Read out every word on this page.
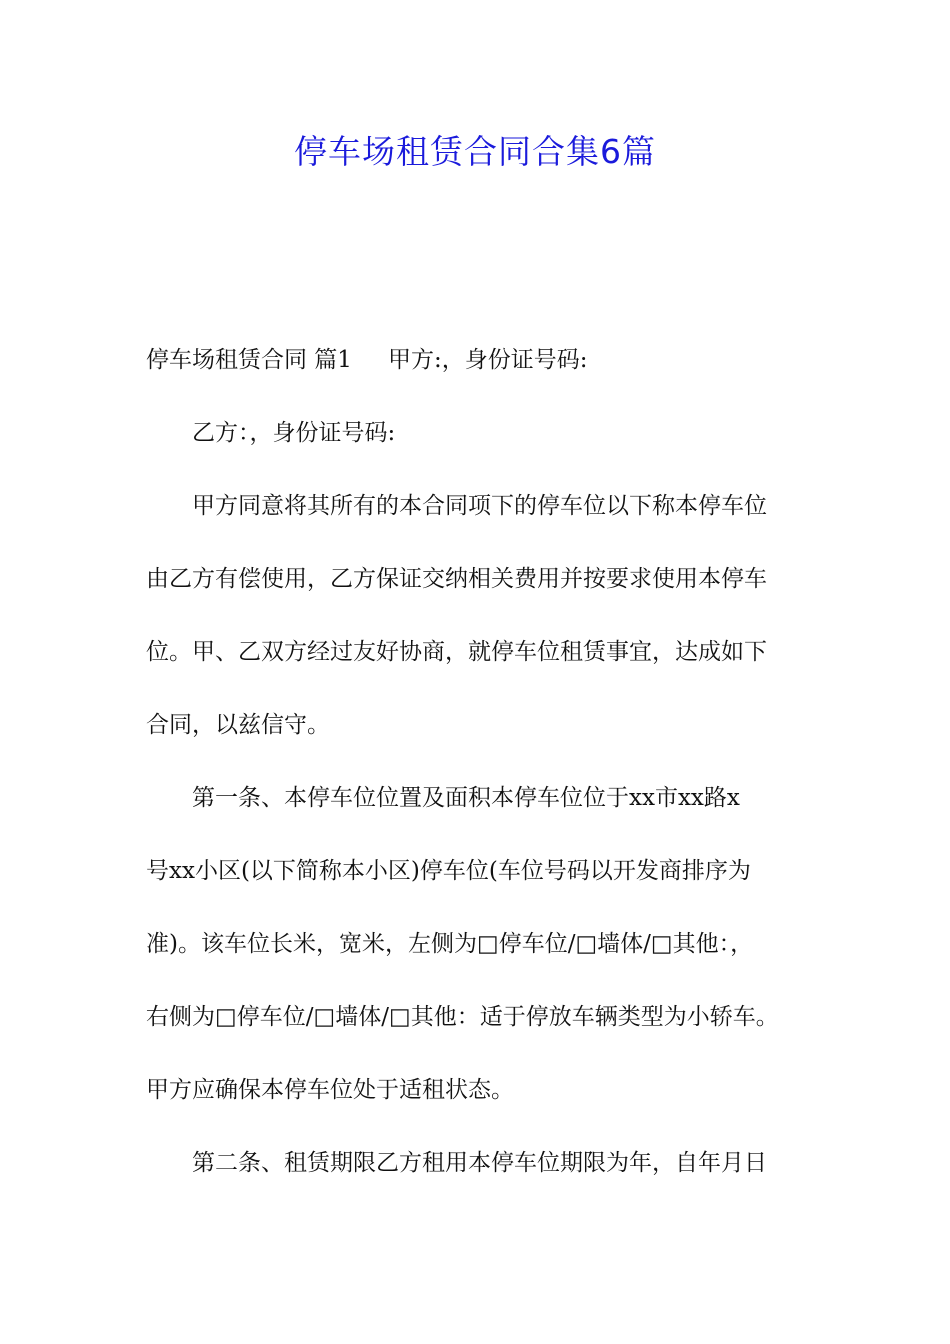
停车场租赁合同合集6篇

停车场租赁合同 篇1 甲方:，身份证号码:

乙方：，身份证号码:

甲方同意将其所有的本合同项下的停车位以下称本停车位

由乙方有偿使用，乙方保证交纳相关费用并按要求使用本停车

位。甲、乙双方经过友好协商，就停车位租赁事宜，达成如下

合同，以兹信守。

第一条、本停车位位置及面积本停车位位于xx市xx路x

号xx小区(以下简称本小区)停车位(车位号码以开发商排序为

准)。该车位长米，宽米，左侧为□停车位/□墙体/□其他：，

右侧为□停车位/□墙体/□其他：适于停放车辆类型为小轿车。

甲方应确保本停车位处于适租状态。

第二条、租赁期限乙方租用本停车位期限为年，自年月日
